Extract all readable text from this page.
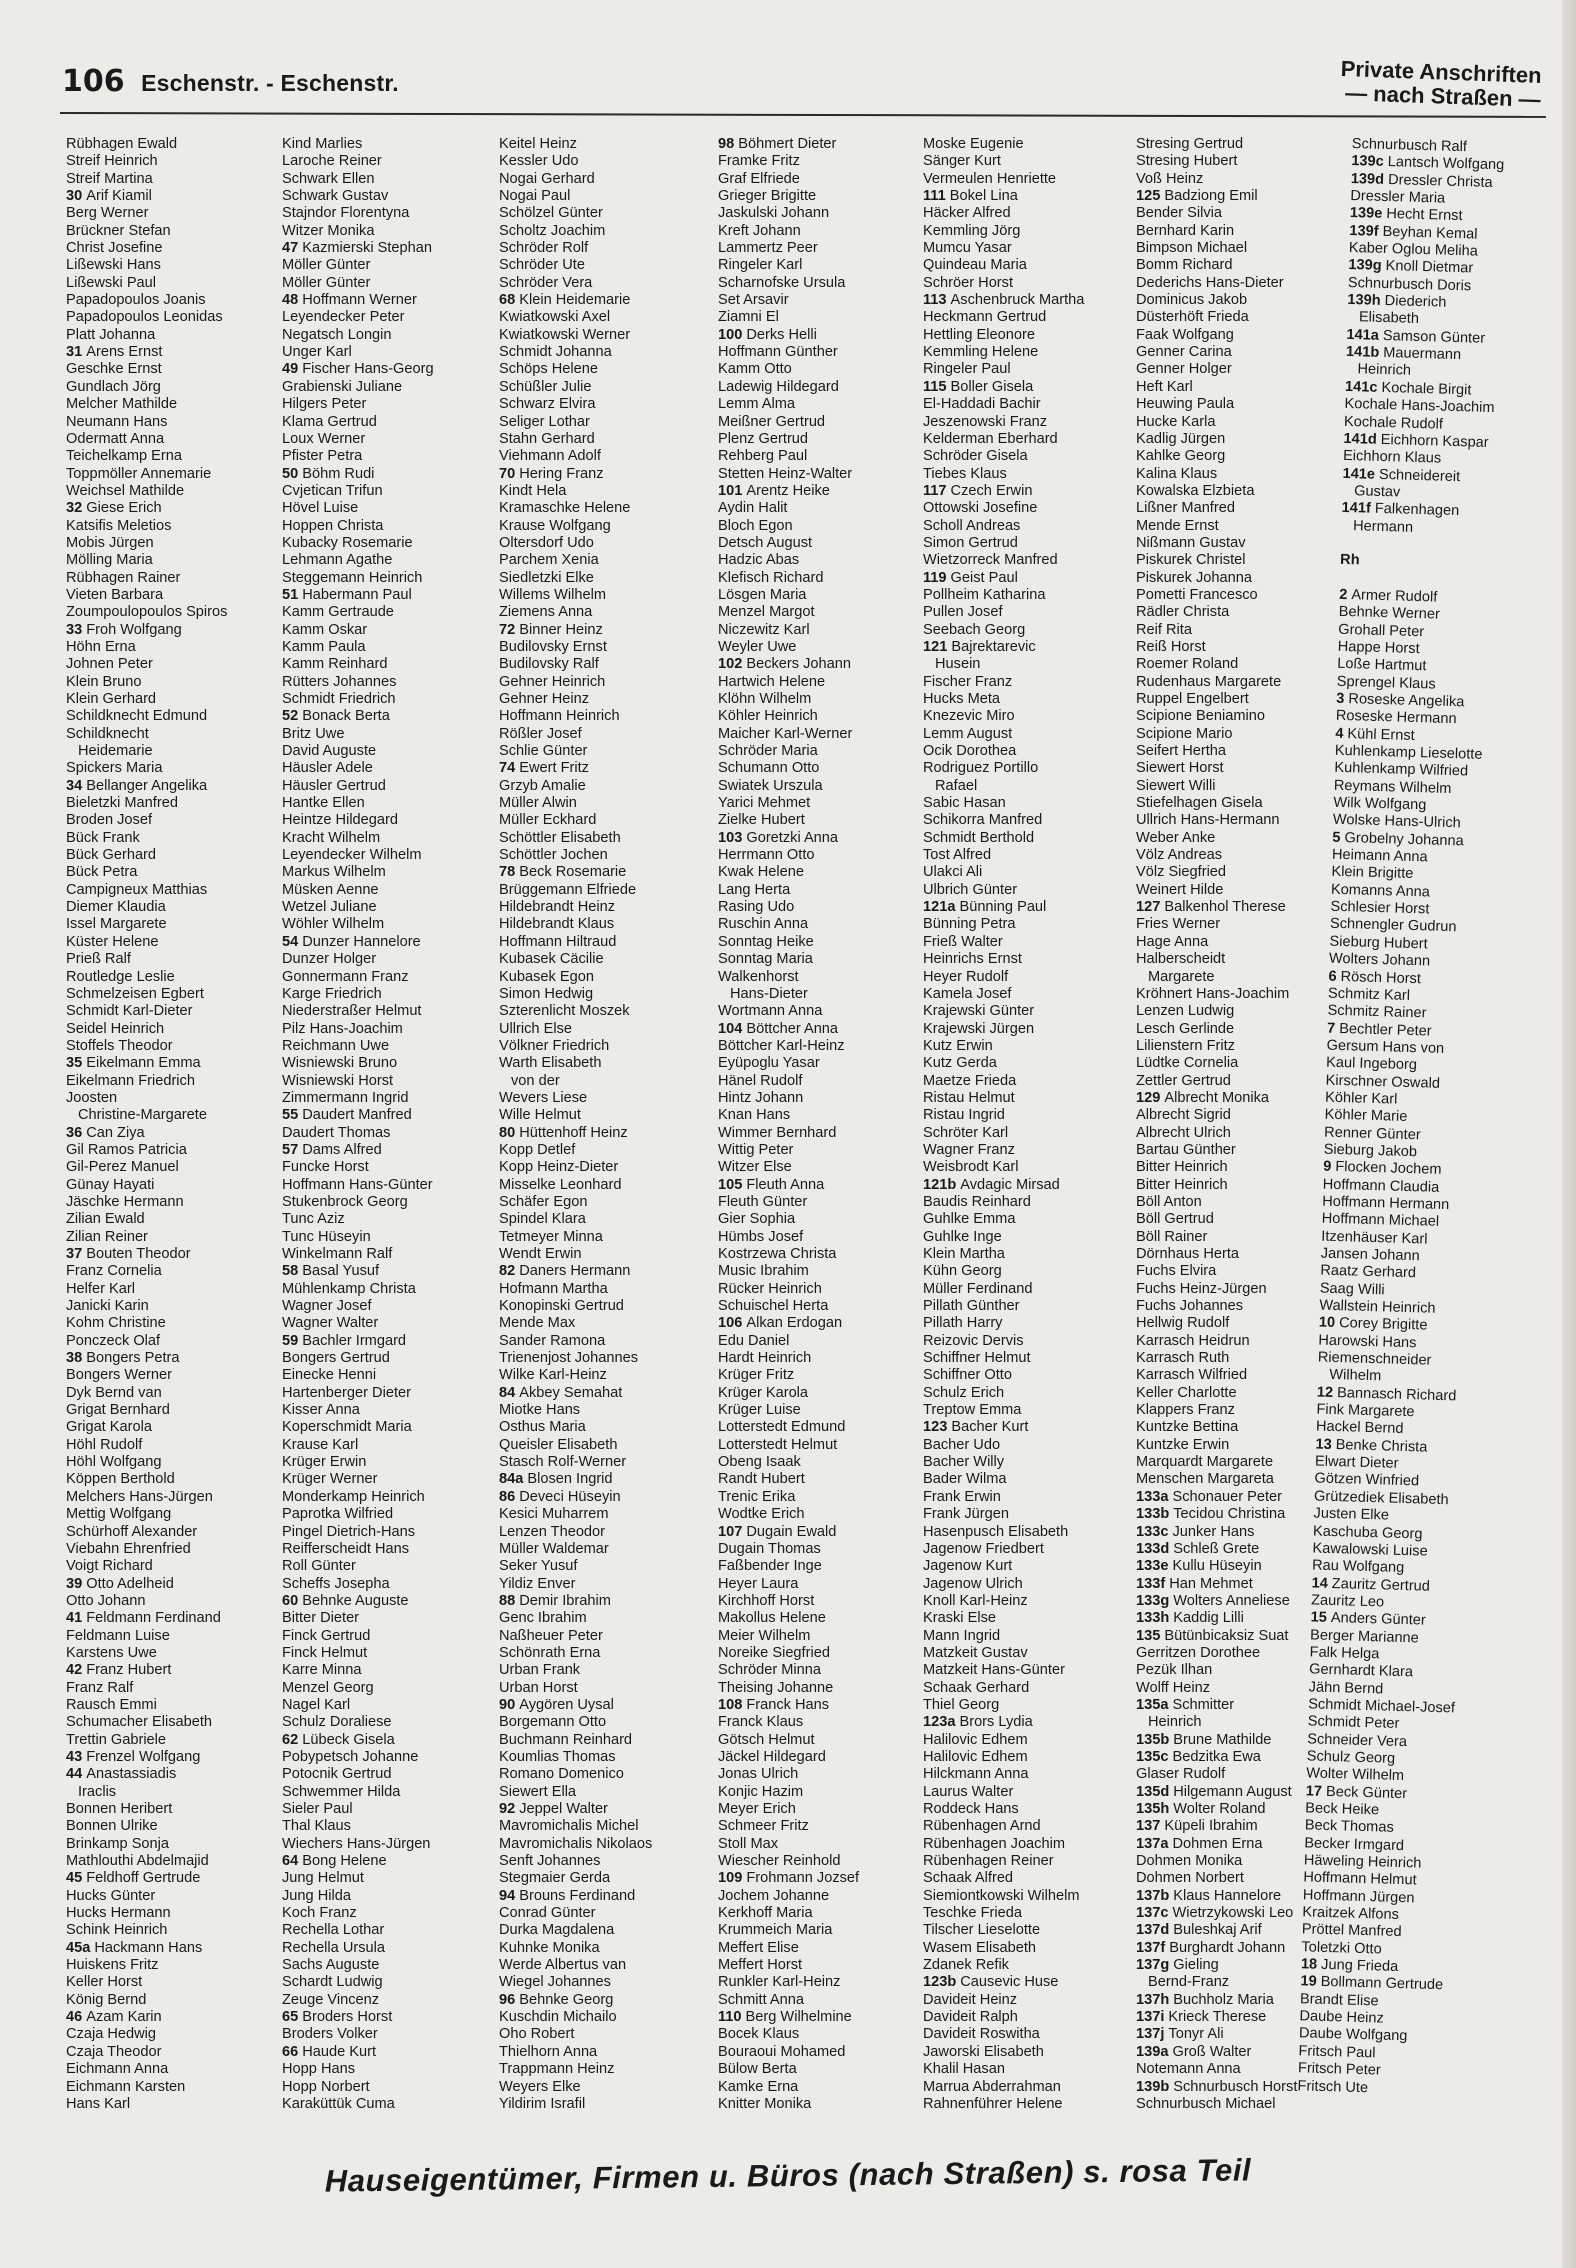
106 Eschenstr. - Eschenstr.	Private Anschriften
— nach Straßen —
Rübhagen Ewald
Streif Heinrich
Streif Martina
30 Arif Kiamil
Berg Werner
Brückner Stefan
Christ Josefine
Lißewski Hans
Lißewski Paul
Papadopoulos Joanis
Papadopoulos Leonidas
Platt Johanna
31 Arens Ernst
Geschke Ernst
Gundlach Jörg
Melcher Mathilde
Neumann Hans
Odermatt Anna
Teichelkamp Erna
Toppmöller Annemarie
Weichsel Mathilde
32 Giese Erich
Katsifis Meletios
Mobis Jürgen
Mölling Maria
Rübhagen Rainer
Vieten Barbara
Zoumpoulopoulos Spiros
33 Froh Wolfgang
Höhn Erna
Johnen Peter
Klein Bruno
Klein Gerhard
Schildknecht Edmund
Schildknecht
Heidemarie
Spickers Maria
34 Bellanger Angelika
Bieletzki Manfred
Broden Josef
Bück Frank
Bück Gerhard
Bück Petra
Campigneux Matthias
Diemer Klaudia
Issel Margarete
Küster Helene
Prieß Ralf
Routledge Leslie
Schmelzeisen Egbert
Schmidt Karl-Dieter
Seidel Heinrich
Stoffels Theodor
35 Eikelmann Emma
Eikelmann Friedrich
Joosten
Christine-Margarete
36 Can Ziya
Gil Ramos Patricia
Gil-Perez Manuel
Günay Hayati
Jäschke Hermann
Zilian Ewald
Zilian Reiner
37 Bouten Theodor
Franz Cornelia
Helfer Karl
Janicki Karin
Kohm Christine
Ponczeck Olaf
38 Bongers Petra
Bongers Werner
Dyk Bernd van
Grigat Bernhard
Grigat Karola
Höhl Rudolf
Höhl Wolfgang
Köppen Berthold
Melchers Hans-Jürgen
Mettig Wolfgang
Schürhoff Alexander
Viebahn Ehrenfried
Voigt Richard
39 Otto Adelheid
Otto Johann
41 Feldmann Ferdinand
Feldmann Luise
Karstens Uwe
42 Franz Hubert
Franz Ralf
Rausch Emmi
Schumacher Elisabeth
Trettin Gabriele
43 Frenzel Wolfgang
44 Anastassiadis
Iraclis
Bonnen Heribert
Bonnen Ulrike
Brinkamp Sonja
Mathlouthi Abdelmajid
45 Feldhoff Gertrude
Hucks Günter
Hucks Hermann
Schink Heinrich
45a Hackmann Hans
Huiskens Fritz
Keller Horst
König Bernd
46 Azam Karin
Czaja Hedwig
Czaja Theodor
Eichmann Anna
Eichmann Karsten
Hans Karl
Kind Marlies
Laroche Reiner
Schwark Ellen
Schwark Gustav
Stajndor Florentyna
Witzer Monika
47 Kazmierski Stephan
Möller Günter
Möller Günter
48 Hoffmann Werner
Leyendecker Peter
Negatsch Longin
Unger Karl
49 Fischer Hans-Georg
Grabienski Juliane
Hilgers Peter
Klama Gertrud
Loux Werner
Pfister Petra
50 Böhm Rudi
Cvjetican Trifun
Hövel Luise
Hoppen Christa
Kubacky Rosemarie
Lehmann Agathe
Steggemann Heinrich
51 Habermann Paul
Kamm Gertraude
Kamm Oskar
Kamm Paula
Kamm Reinhard
Rütters Johannes
Schmidt Friedrich
52 Bonack Berta
Britz Uwe
David Auguste
Häusler Adele
Häusler Gertrud
Hantke Ellen
Heintze Hildegard
Kracht Wilhelm
Leyendecker Wilhelm
Markus Wilhelm
Müsken Aenne
Wetzel Juliane
Wöhler Wilhelm
54 Dunzer Hannelore
Dunzer Holger
Gonnermann Franz
Karge Friedrich
Niederstraßer Helmut
Pilz Hans-Joachim
Reichmann Uwe
Wisniewski Bruno
Wisniewski Horst
Zimmermann Ingrid
55 Daudert Manfred
Daudert Thomas
57 Dams Alfred
Funcke Horst
Hoffmann Hans-Günter
Stukenbrock Georg
Tunc Aziz
Tunc Hüseyin
Winkelmann Ralf
58 Basal Yusuf
Mühlenkamp Christa
Wagner Josef
Wagner Walter
59 Bachler Irmgard
Bongers Gertrud
Einecke Henni
Hartenberger Dieter
Kisser Anna
Koperschmidt Maria
Krause Karl
Krüger Erwin
Krüger Werner
Monderkamp Heinrich
Paprotka Wilfried
Pingel Dietrich-Hans
Reifferscheidt Hans
Roll Günter
Scheffs Josepha
60 Behnke Auguste
Bitter Dieter
Finck Gertrud
Finck Helmut
Karre Minna
Menzel Georg
Nagel Karl
Schulz Doraliese
62 Lübeck Gisela
Pobypetsch Johanne
Potocnik Gertrud
Schwemmer Hilda
Sieler Paul
Thal Klaus
Wiechers Hans-Jürgen
64 Bong Helene
Jung Helmut
Jung Hilda
Koch Franz
Rechella Lothar
Rechella Ursula
Sachs Auguste
Schardt Ludwig
Zeuge Vincenz
65 Broders Horst
Broders Volker
66 Haude Kurt
Hopp Hans
Hopp Norbert
Karaküttük Cuma
Keitel Heinz
Kessler Udo
Nogai Gerhard
Nogai Paul
Schölzel Günter
Scholtz Joachim
Schröder Rolf
Schröder Ute
Schröder Vera
68 Klein Heidemarie
Kwiatkowski Axel
Kwiatkowski Werner
Schmidt Johanna
Schöps Helene
Schüßler Julie
Schwarz Elvira
Seliger Lothar
Stahn Gerhard
Viehmann Adolf
70 Hering Franz
Kindt Hela
Kramaschke Helene
Krause Wolfgang
Oltersdorf Udo
Parchem Xenia
Siedletzki Elke
Willems Wilhelm
Ziemens Anna
72 Binner Heinz
Budilovsky Ernst
Budilovsky Ralf
Gehner Heinrich
Gehner Heinz
Hoffmann Heinrich
Rößler Josef
Schlie Günter
74 Ewert Fritz
Grzyb Amalie
Müller Alwin
Müller Eckhard
Schöttler Elisabeth
Schöttler Jochen
78 Beck Rosemarie
Brüggemann Elfriede
Hildebrandt Heinz
Hildebrandt Klaus
Hoffmann Hiltraud
Kubasek Cäcilie
Kubasek Egon
Simon Hedwig
Szterenlicht Moszek
Ullrich Else
Völkner Friedrich
Warth Elisabeth
von der
Wevers Liese
Wille Helmut
80 Hüttenhoff Heinz
Kopp Detlef
Kopp Heinz-Dieter
Misselke Leonhard
Schäfer Egon
Spindel Klara
Tetmeyer Minna
Wendt Erwin
82 Daners Hermann
Hofmann Martha
Konopinski Gertrud
Mende Max
Sander Ramona
Trienenjost Johannes
Wilke Karl-Heinz
84 Akbey Semahat
Miotke Hans
Osthus Maria
Queisler Elisabeth
Stasch Rolf-Werner
84a Blosen Ingrid
86 Deveci Hüseyin
Kesici Muharrem
Lenzen Theodor
Müller Waldemar
Seker Yusuf
Yildiz Enver
88 Demir Ibrahim
Genc Ibrahim
Naßheuer Peter
Schönrath Erna
Urban Frank
Urban Horst
90 Aygören Uysal
Borgemann Otto
Buchmann Reinhard
Koumlias Thomas
Romano Domenico
Siewert Ella
92 Jeppel Walter
Mavromichalis Michel
Mavromichalis Nikolaos
Senft Johannes
Stegmaier Gerda
94 Brouns Ferdinand
Conrad Günter
Durka Magdalena
Kuhnke Monika
Werde Albertus van
Wiegel Johannes
96 Behnke Georg
Kuschdin Michailo
Oho Robert
Thielhorn Anna
Trappmann Heinz
Weyers Elke
Yildirim Israfil
98 Böhmert Dieter
Framke Fritz
Graf Elfriede
Grieger Brigitte
Jaskulski Johann
Kreft Johann
Lammertz Peer
Ringeler Karl
Scharnofske Ursula
Set Arsavir
Ziamni El
100 Derks Helli
Hoffmann Günther
Kamm Otto
Ladewig Hildegard
Lemm Alma
Meißner Gertrud
Plenz Gertrud
Rehberg Paul
Stetten Heinz-Walter
101 Arentz Heike
Aydin Halit
Bloch Egon
Detsch August
Hadzic Abas
Klefisch Richard
Lösgen Maria
Menzel Margot
Niczewitz Karl
Weyler Uwe
102 Beckers Johann
Hartwich Helene
Klöhn Wilhelm
Köhler Heinrich
Maicher Karl-Werner
Schröder Maria
Schumann Otto
Swiatek Urszula
Yarici Mehmet
Zielke Hubert
103 Goretzki Anna
Herrmann Otto
Kwak Helene
Lang Herta
Rasing Udo
Ruschin Anna
Sonntag Heike
Sonntag Maria
Walkenhorst
Hans-Dieter
Wortmann Anna
104 Böttcher Anna
Böttcher Karl-Heinz
Eyüpoglu Yasar
Hänel Rudolf
Hintz Johann
Knan Hans
Wimmer Bernhard
Wittig Peter
Witzer Else
105 Fleuth Anna
Fleuth Günter
Gier Sophia
Hümbs Josef
Kostrzewa Christa
Music Ibrahim
Rücker Heinrich
Schuischel Herta
106 Alkan Erdogan
Edu Daniel
Hardt Heinrich
Krüger Fritz
Krüger Karola
Krüger Luise
Lotterstedt Edmund
Lotterstedt Helmut
Obeng Isaak
Randt Hubert
Trenic Erika
Wodtke Erich
107 Dugain Ewald
Dugain Thomas
Faßbender Inge
Heyer Laura
Kirchhoff Horst
Makollus Helene
Meier Wilhelm
Noreike Siegfried
Schröder Minna
Theising Johanne
108 Franck Hans
Franck Klaus
Götsch Helmut
Jäckel Hildegard
Jonas Ulrich
Konjic Hazim
Meyer Erich
Schmeer Fritz
Stoll Max
Wiescher Reinhold
109 Frohmann Jozsef
Jochem Johanne
Kerkhoff Maria
Krummeich Maria
Meffert Elise
Meffert Horst
Runkler Karl-Heinz
Schmitt Anna
110 Berg Wilhelmine
Bocek Klaus
Bouraoui Mohamed
Bülow Berta
Kamke Erna
Knitter Monika
Moske Eugenie
Sänger Kurt
Vermeulen Henriette
111 Bokel Lina
Häcker Alfred
Kemmling Jörg
Mumcu Yasar
Quindeau Maria
Schröer Horst
113 Aschenbruck Martha
Heckmann Gertrud
Hettling Eleonore
Kemmling Helene
Ringeler Paul
115 Boller Gisela
El-Haddadi Bachir
Jeszenowski Franz
Kelderman Eberhard
Schröder Gisela
Tiebes Klaus
117 Czech Erwin
Ottowski Josefine
Scholl Andreas
Simon Gertrud
Wietzorreck Manfred
119 Geist Paul
Pollheim Katharina
Pullen Josef
Seebach Georg
121 Bajrektarevic
Husein
Fischer Franz
Hucks Meta
Knezevic Miro
Lemm August
Ocik Dorothea
Rodriguez Portillo
Rafael
Sabic Hasan
Schikorra Manfred
Schmidt Berthold
Tost Alfred
Ulakci Ali
Ulbrich Günter
121a Bünning Paul
Bünning Petra
Frieß Walter
Heinrichs Ernst
Heyer Rudolf
Kamela Josef
Krajewski Günter
Krajewski Jürgen
Kutz Erwin
Kutz Gerda
Maetze Frieda
Ristau Helmut
Ristau Ingrid
Schröter Karl
Wagner Franz
Weisbrodt Karl
121b Avdagic Mirsad
Baudis Reinhard
Guhlke Emma
Guhlke Inge
Klein Martha
Kühn Georg
Müller Ferdinand
Pillath Günther
Pillath Harry
Reizovic Dervis
Schiffner Helmut
Schiffner Otto
Schulz Erich
Treptow Emma
123 Bacher Kurt
Bacher Udo
Bacher Willy
Bader Wilma
Frank Erwin
Frank Jürgen
Hasenpusch Elisabeth
Jagenow Friedbert
Jagenow Kurt
Jagenow Ulrich
Knoll Karl-Heinz
Kraski Else
Mann Ingrid
Matzkeit Gustav
Matzkeit Hans-Günter
Schaak Gerhard
Thiel Georg
123a Brors Lydia
Halilovic Edhem
Halilovic Edhem
Hilckmann Anna
Laurus Walter
Roddeck Hans
Rübenhagen Arnd
Rübenhagen Joachim
Rübenhagen Reiner
Schaak Alfred
Siemiontkowski Wilhelm
Teschke Frieda
Tilscher Lieselotte
Wasem Elisabeth
Zdanek Refik
123b Causevic Huse
Davideit Heinz
Davideit Ralph
Davideit Roswitha
Jaworski Elisabeth
Khalil Hasan
Marrua Abderrahman
Rahnenführer Helene
Stresing Gertrud
Stresing Hubert
Voß Heinz
125 Badziong Emil
Bender Silvia
Bernhard Karin
Bimpson Michael
Bomm Richard
Dederichs Hans-Dieter
Dominicus Jakob
Düsterhöft Frieda
Faak Wolfgang
Genner Carina
Genner Holger
Heft Karl
Heuwing Paula
Hucke Karla
Kadlig Jürgen
Kahlke Georg
Kalina Klaus
Kowalska Elzbieta
Lißner Manfred
Mende Ernst
Nißmann Gustav
Piskurek Christel
Piskurek Johanna
Pometti Francesco
Rädler Christa
Reif Rita
Reiß Horst
Roemer Roland
Rudenhaus Margarete
Ruppel Engelbert
Scipione Beniamino
Scipione Mario
Seifert Hertha
Siewert Horst
Siewert Willi
Stiefelhagen Gisela
Ullrich Hans-Hermann
Weber Anke
Völz Andreas
Völz Siegfried
Weinert Hilde
127 Balkenhol Therese
Fries Werner
Hage Anna
Halberscheidt
Margarete
Kröhnert Hans-Joachim
Lenzen Ludwig
Lesch Gerlinde
Lilienstern Fritz
Lüdtke Cornelia
Zettler Gertrud
129 Albrecht Monika
Albrecht Sigrid
Albrecht Ulrich
Bartau Günther
Bitter Heinrich
Bitter Heinrich
Böll Anton
Böll Gertrud
Böll Rainer
Dörnhaus Herta
Fuchs Elvira
Fuchs Heinz-Jürgen
Fuchs Johannes
Hellwig Rudolf
Karrasch Heidrun
Karrasch Ruth
Karrasch Wilfried
Keller Charlotte
Klappers Franz
Kuntzke Bettina
Kuntzke Erwin
Marquardt Margarete
Menschen Margareta
133a Schonauer Peter
133b Tecidou Christina
133c Junker Hans
133d Schleß Grete
133e Kullu Hüseyin
133f Han Mehmet
133g Wolters Anneliese
133h Kaddig Lilli
135 Bütünbicaksiz Suat
Gerritzen Dorothee
Pezük Ilhan
Wolff Heinz
135a Schmitter
Heinrich
135b Brune Mathilde
135c Bedzitka Ewa
Glaser Rudolf
135d Hilgemann August
135h Wolter Roland
137 Küpeli Ibrahim
137a Dohmen Erna
Dohmen Monika
Dohmen Norbert
137b Klaus Hannelore
137c Wietrzykowski Leo
137d Buleshkaj Arif
137f Burghardt Johann
137g Gieling
Bernd-Franz
137h Buchholz Maria
137i Krieck Therese
137j Tonyr Ali
139a Groß Walter
Notemann Anna
139b Schnurbusch Horst
Schnurbusch Michael
Schnurbusch Ralf
139c Lantsch Wolfgang
139d Dressler Christa
Dressler Maria
139e Hecht Ernst
139f Beyhan Kemal
Kaber Oglou Meliha
139g Knoll Dietmar
Schnurbusch Doris
139h Diederich
Elisabeth
141a Samson Günter
141b Mauermann
Heinrich
141c Kochale Birgit
Kochale Hans-Joachim
Kochale Rudolf
141d Eichhorn Kaspar
Eichhorn Klaus
141e Schneidereit
Gustav
141f Falkenhagen
Hermann

Rh

2 Armer Rudolf
Behnke Werner
Grohall Peter
Happe Horst
Loße Hartmut
Sprengel Klaus
3 Roseske Angelika
Roseske Hermann
4 Kühl Ernst
Kuhlenkamp Lieselotte
Kuhlenkamp Wilfried
Reymans Wilhelm
Wilk Wolfgang
Wolske Hans-Ulrich
5 Grobelny Johanna
Heimann Anna
Klein Brigitte
Komanns Anna
Schlesier Horst
Schnengler Gudrun
Sieburg Hubert
Wolters Johann
6 Rösch Horst
Schmitz Karl
Schmitz Rainer
7 Bechtler Peter
Gersum Hans von
Kaul Ingeborg
Kirschner Oswald
Köhler Karl
Köhler Marie
Renner Günter
Sieburg Jakob
9 Flocken Jochem
Hoffmann Claudia
Hoffmann Hermann
Hoffmann Michael
Itzenhäuser Karl
Jansen Johann
Raatz Gerhard
Saag Willi
Wallstein Heinrich
10 Corey Brigitte
Harowski Hans
Riemenschneider
Wilhelm
12 Bannasch Richard
Fink Margarete
Hackel Bernd
13 Benke Christa
Elwart Dieter
Götzen Winfried
Grützediek Elisabeth
Justen Elke
Kaschuba Georg
Kawalowski Luise
Rau Wolfgang
14 Zauritz Gertrud
Zauritz Leo
15 Anders Günter
Berger Marianne
Falk Helga
Gernhardt Klara
Jähn Bernd
Schmidt Michael-Josef
Schmidt Peter
Schneider Vera
Schulz Georg
Wolter Wilhelm
17 Beck Günter
Beck Heike
Beck Thomas
Becker Irmgard
Häweling Heinrich
Hoffmann Helmut
Hoffmann Jürgen
Kraitzek Alfons
Pröttel Manfred
Toletzki Otto
18 Jung Frieda
19 Bollmann Gertrude
Brandt Elise
Daube Heinz
Daube Wolfgang
Fritsch Paul
Fritsch Peter
Fritsch Ute
Hauseigentümer, Firmen u. Büros (nach Straßen) s. rosa Teil
